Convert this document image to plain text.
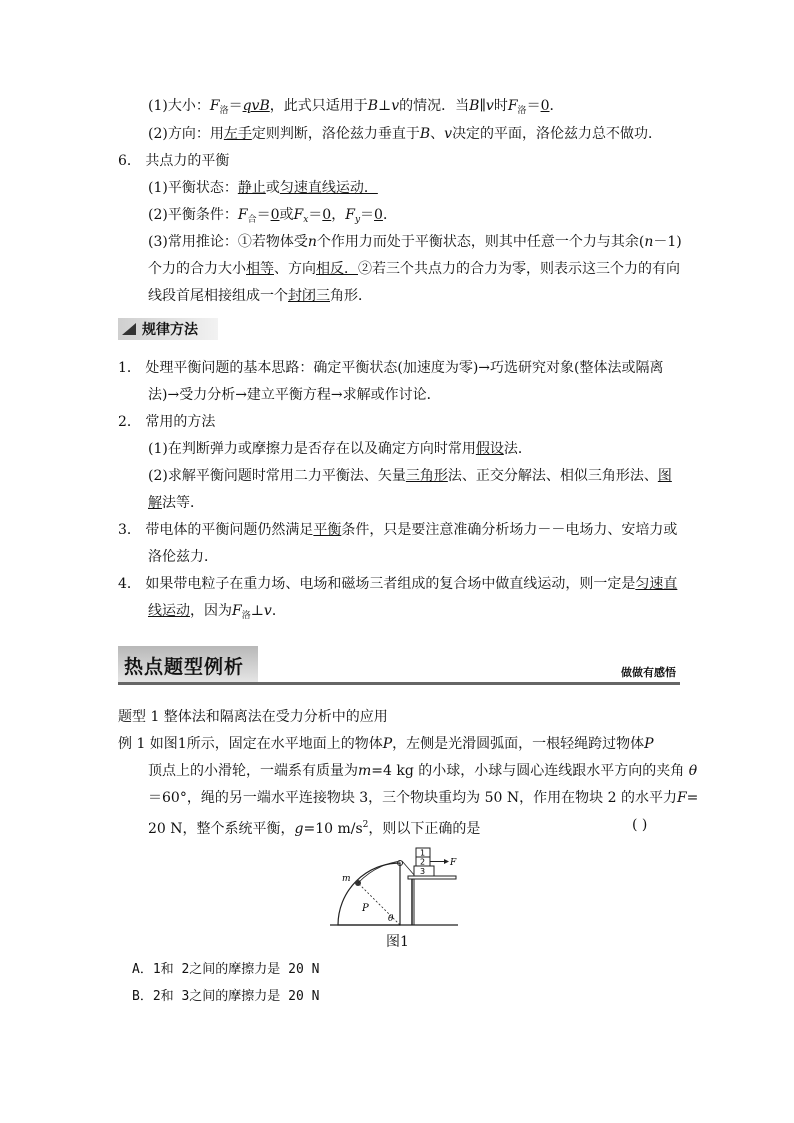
(1)大小：$F_洛=qvB$，此式只适用于B⊥v的情况．当B∥v时$F_洛=0$．
(2)方向：用左手定则判断，洛伦兹力垂直于B、v决定的平面，洛伦兹力总不做功．
6． 共点力的平衡
(1)平衡状态：静止或匀速直线运动．
(2)平衡条件：$F_合=0$或$F_x=0$，$F_y=0$．
(3)常用推论：①若物体受n个作用力而处于平衡状态，则其中任意一个力与其余(n－1)
个力的合力大小相等、方向相反．②若三个共点力的合力为零，则表示这三个力的有向
线段首尾相接组成一个封闭三角形．
规律方法
1． 处理平衡问题的基本思路：确定平衡状态(加速度为零)→巧选研究对象(整体法或隔离
法)→受力分析→建立平衡方程→求解或作讨论．
2． 常用的方法
(1)在判断弹力或摩擦力是否存在以及确定方向时常用假设法．
(2)求解平衡问题时常用二力平衡法、矢量三角形法、正交分解法、相似三角形法、图
解法等．
3． 带电体的平衡问题仍然满足平衡条件，只是要注意准确分析场力－－电场力、安培力或
洛伦兹力．
4． 如果带电粒子在重力场、电场和磁场三者组成的复合场中做直线运动，则一定是匀速直
线运动，因为$F_洛\perp v$．
热点题型例析	做做有感悟
题型 1 整体法和隔离法在受力分析中的应用
例 1 如图1所示，固定在水平地面上的物体P，左侧是光滑圆弧面，一根轻绳跨过物体P
顶点上的小滑轮，一端系有质量为m=4 kg 的小球，小球与圆心连线跟水平方向的夹角 θ
＝60°，绳的另一端水平连接物块 3，三个物块重均为 50 N，作用在物块 2 的水平力F=
20 N，整个系统平衡，g=10 $m/s^2$，则以下正确的是	( )
1
2
3
F
m
P
θ
图1
A．1和 2之间的摩擦力是 20 N
B．2和 3之间的摩擦力是 20 N
